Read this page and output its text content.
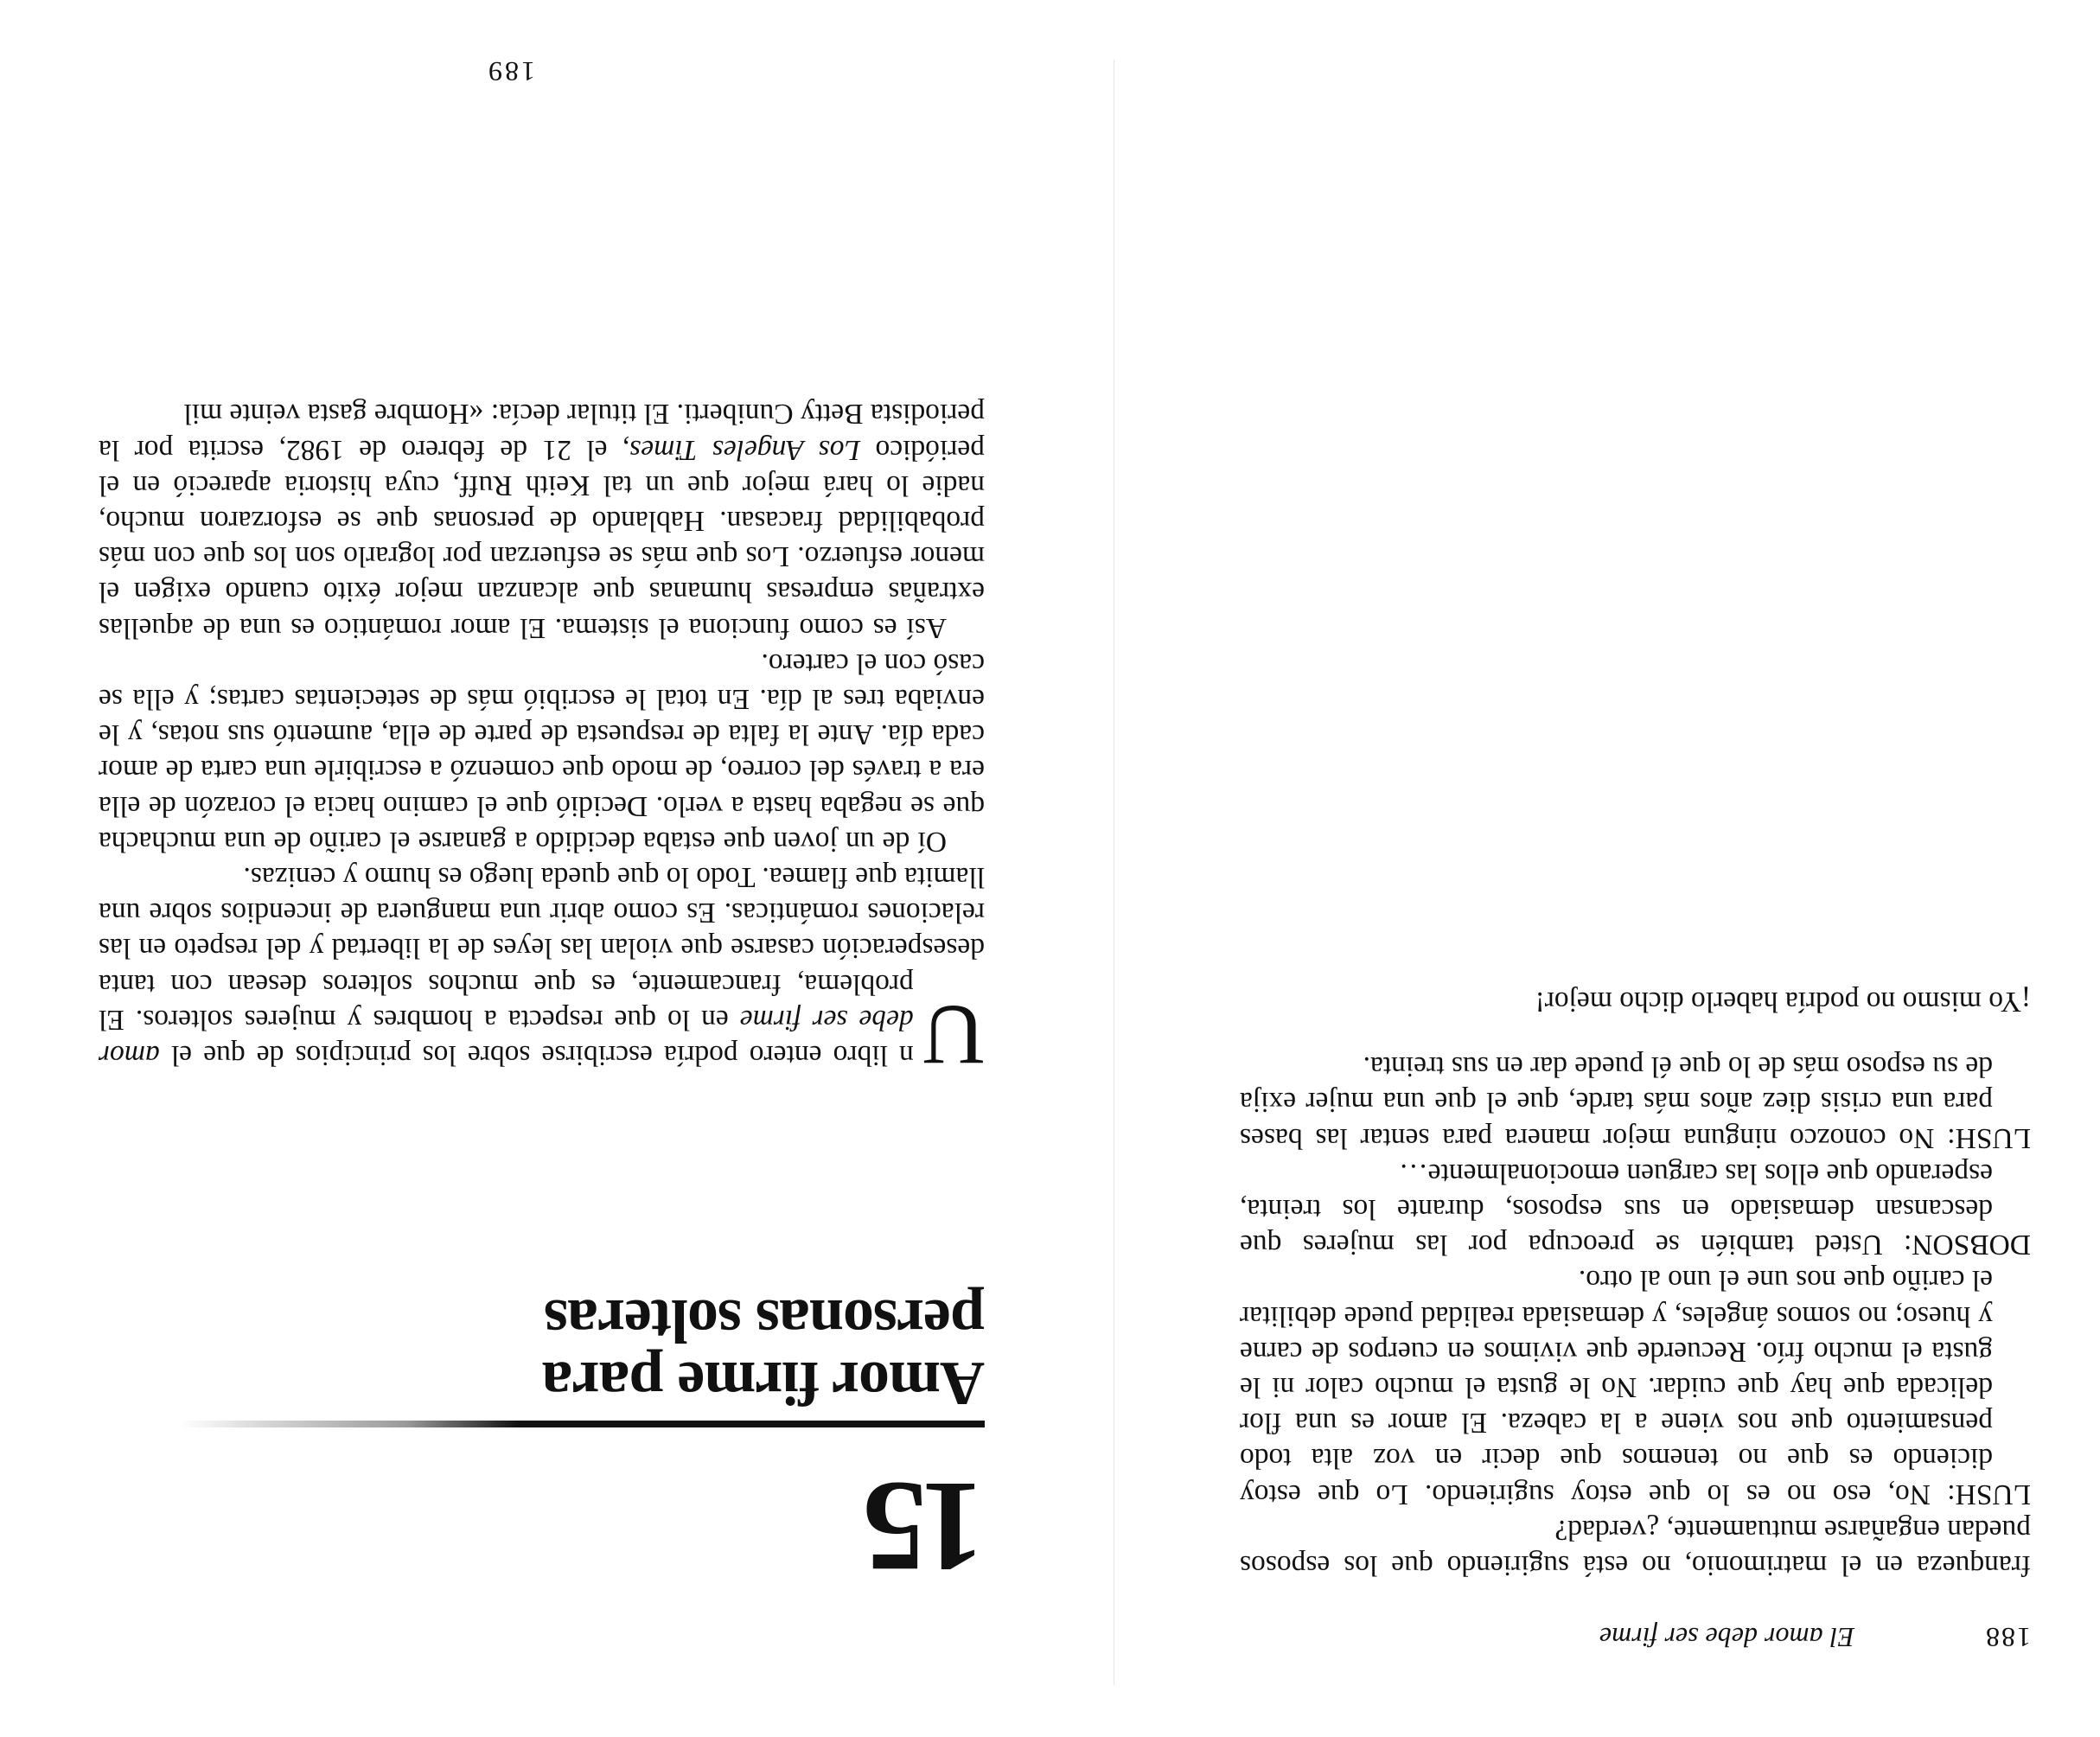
188El amor debe ser firme

franqueza en el matrimonio, no está sugiriendo que los esposos puedan engañarse mutuamente, ¿verdad?

LUSH: No, eso no es lo que estoy sugiriendo. Lo que estoy diciendo es que no tenemos que decir en voz alta todo pensamiento que nos viene a la cabeza. El amor es una flor delicada que hay que cuidar. No le gusta el mucho calor ni le gusta el mucho frío. Recuerde que vivimos en cuerpos de carne y hueso; no somos ángeles, y demasiada realidad puede debilitar el cariño que nos une el uno al otro.

DOBSON: Usted también se preocupa por las mujeres que descansan demasiado en sus esposos, durante los treinta, esperando que ellos las carguen emocionalmente…

LUSH: No conozco ninguna mejor manera para sentar las bases para una crisis diez años más tarde, que el que una mujer exija de su esposo más de lo que él puede dar en sus treinta.

¡Yo mismo no podría haberlo dicho mejor!

15
Amor firme para
personas solteras

U
n libro entero podría escribirse sobre los principios de que el amor debe ser firme en lo que respecta a hombres y mujeres solteros. El problema, francamente, es que muchos solteros desean con tanta desesperación casarse que violan las leyes de la libertad y del respeto en las relaciones románticas. Es como abrir una manguera de incendios sobre una llamita que flamea. Todo lo que queda luego es humo y cenizas.

Oí de un joven que estaba decidido a ganarse el cariño de una muchacha que se negaba hasta a verlo. Decidió que el camino hacia el corazón de ella era a través del correo, de modo que comenzó a escribirle una carta de amor cada día. Ante la falta de respuesta de parte de ella, aumentó sus notas, y le enviaba tres al día. En total le escribió más de setecientas cartas; y ella se casó con el cartero.

Así es como funciona el sistema. El amor romántico es una de aquellas extrañas empresas humanas que alcanzan mejor éxito cuando exigen el menor esfuerzo. Los que más se esfuerzan por lograrlo son los que con más probabilidad fracasan. Hablando de personas que se esforzaron mucho, nadie lo hará mejor que un tal Keith Ruff, cuya historia apareció en el periódico Los Angeles Times, el 21 de febrero de 1982, escrita por la periodista Betty Cuniberti. El titular decía: «Hombre gasta veinte mil

189
